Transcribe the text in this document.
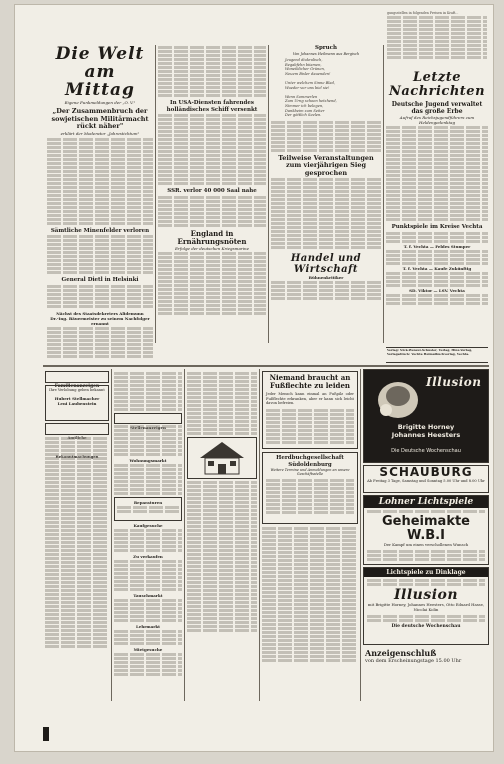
gungsstellen in folgenden Preisen in Kraft...
Die Welt am Mittag
Eigene Funkmeldungen der „O. V."
„Der Zusammenbruch der sowjetischen Militärmacht rückt näher"
erklärt der Moderator „Jahrestichtum"
Sämtliche Minenfelder verloren
General Dietl in Helsinki
Nächst des Staatsdekreters Alidemunn
Dr.-Ing. Bäuermeister zu seinem Nachfolger ernannt
In USA-Diensten fahrendes holländisches Schiff versenkt
SSR. verlor 40 000 Saal nahe
England in Ernährungsnöten
Erfolge der deutschen Kriegsmarine
Spruch
Von Johannes Heilmann aus Bergisch
Jeugend diukralisch,
Regabfehn biiamen,
Woneiblicher Grünen,
Neuem Bisler dauenden!

Unter welchem Sinne Blad,
Wueder vor uns biel sie!

Wenn Sommerlen
Zum Urng schoen hetzhend,
Nimmer ich belegen,
Dankbeim zum Seiter
Der göttlich Seelen.
Teilweise Veranstaltungen zum vierjährigen Sieg gesprochen
Handel und Wirtschaft
Bühnenkritiker
Letzte Nachrichten
Deutsche Jugend verwaltet das große Erbe
Aufruf des Reichsjugendführers zum Heldengedenktag
Punktspiele im Kreise Vechta
T. f. Vechta — Feldes Stumper
T. f. Vechta — Kaufe Zukünftig
SD. Viktor — LSV. Vechta
Verlag: Nick-Wenzel-Schuster, Verlag, Hinz-Verlag, Verlagsdruck: Vechta Heimatbuchverlag, Vechta.
Familienanzeigen
Ihre Verlobung geben bekannt
Hubert Stellmacher
Leni Laubenstein
Amtliche Bekanntmachungen
Stellenanzeigen
Wohnungsmarkt
Reparaturen
Kaufgesuche
Zu verkaufen
Tauschmarkt
Lehrmarkt
Mietgesuche
Niemand braucht an Fußflechte zu leiden
Jeder Mensch kann einmal an Fußpilz oder Fußflechte erkranken, aber er kann sich leicht davon befreien.
Herdbuchgesellschaft Südoldenburg
Weitere Termine und Anmeldungen an unsere Geschäftsstelle
Illusion
Brigitte Horney
Johannes Heesters
Die Deutsche Wochenschau
SCHAUBURG
Ab Freitag 3 Tage, Samstag und Sonntag 5.00 Uhr und 8.00 Uhr
Lohner Lichtspiele
Geheimakte W.B.I
Der Kampf um einen verschollenen Wunsch
Lichtspiele zu Dinklage
Illusion
mit Brigitte Horney, Johannes Heesters, Otto Eduard Hasse, Nicolai Kolin
Die deutsche Wochenschau
Anzeigenschluß
von dem Erscheinungstage 15.00 Uhr
